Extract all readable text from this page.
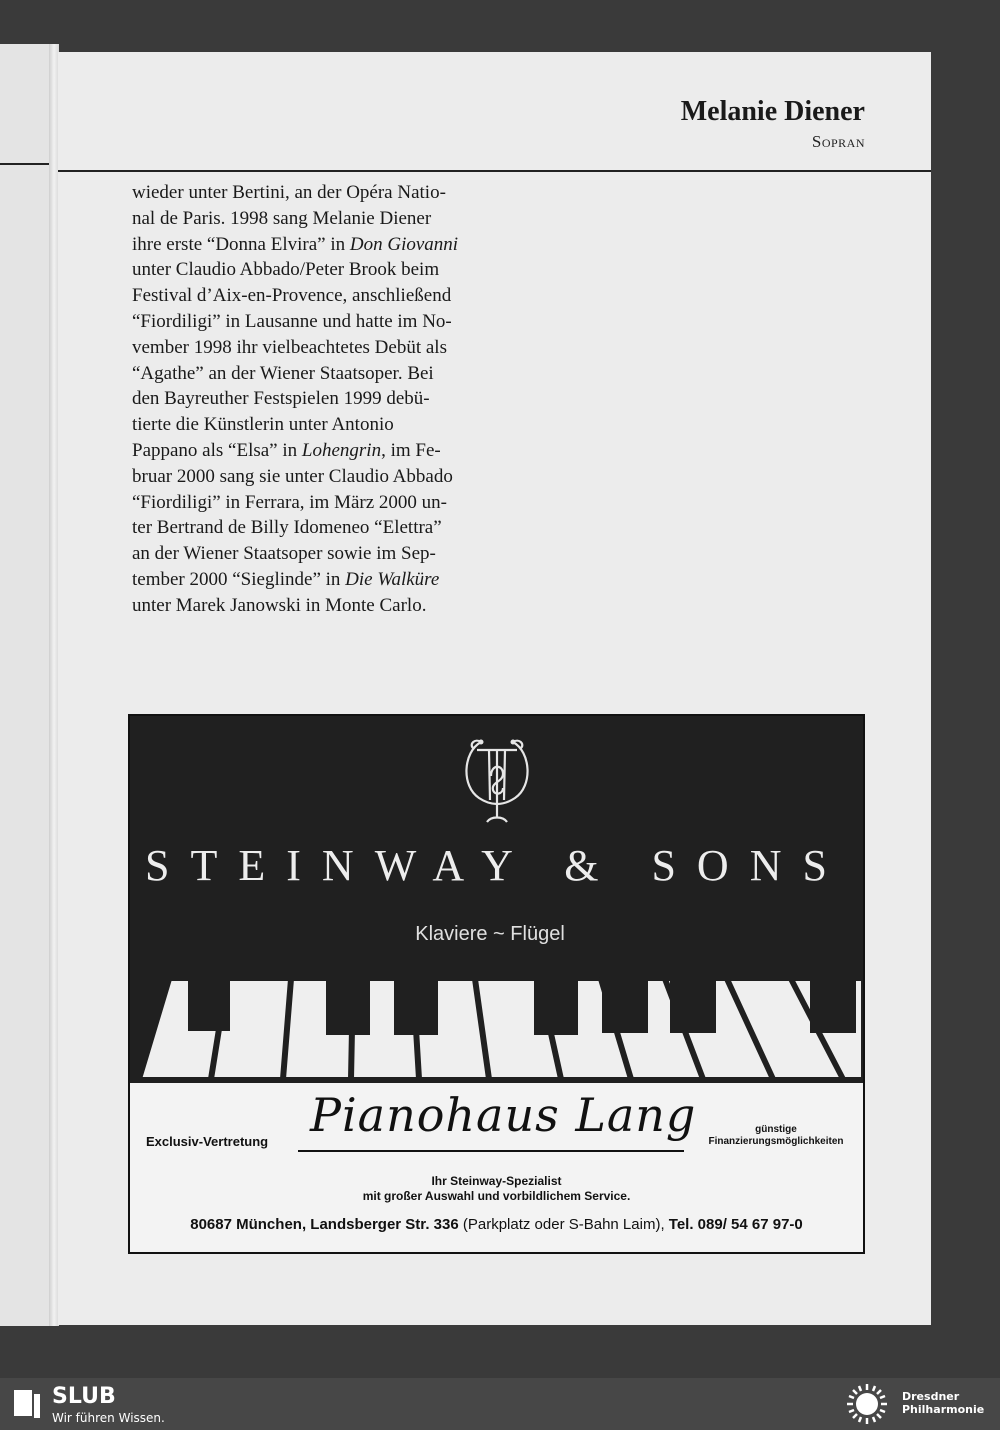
Melanie Diener
Sopran
wieder unter Bertini, an der Opéra Natio-
nal de Paris. 1998 sang Melanie Diener
ihre erste “Donna Elvira” in Don Giovanni
unter Claudio Abbado/Peter Brook beim
Festival d’Aix-en-Provence, anschließend
“Fiordiligi” in Lausanne und hatte im No-
vember 1998 ihr vielbeachtetes Debüt als
“Agathe” an der Wiener Staatsoper. Bei
den Bayreuther Festspielen 1999 debü-
tierte die Künstlerin unter Antonio
Pappano als “Elsa” in Lohengrin, im Fe-
bruar 2000 sang sie unter Claudio Abbado
“Fiordiligi” in Ferrara, im März 2000 un-
ter Bertrand de Billy Idomeneo “Elettra”
an der Wiener Staatsoper sowie im Sep-
tember 2000 “Sieglinde” in Die Walküre
unter Marek Janowski in Monte Carlo.
STEINWAY & SONS
Klaviere ~ Flügel
Exclusiv-Vertretung Pianohaus Lang	günstige
Finanzierungsmöglichkeiten
Ihr Steinway-Spezialist
mit großer Auswahl und vorbildlichem Service.
80687 München, Landsberger Str. 336 (Parkplatz oder S-Bahn Laim), Tel. 089/ 54 67 97-0
SLUB
Wir führen Wissen.
Dresdner
Philharmonie
